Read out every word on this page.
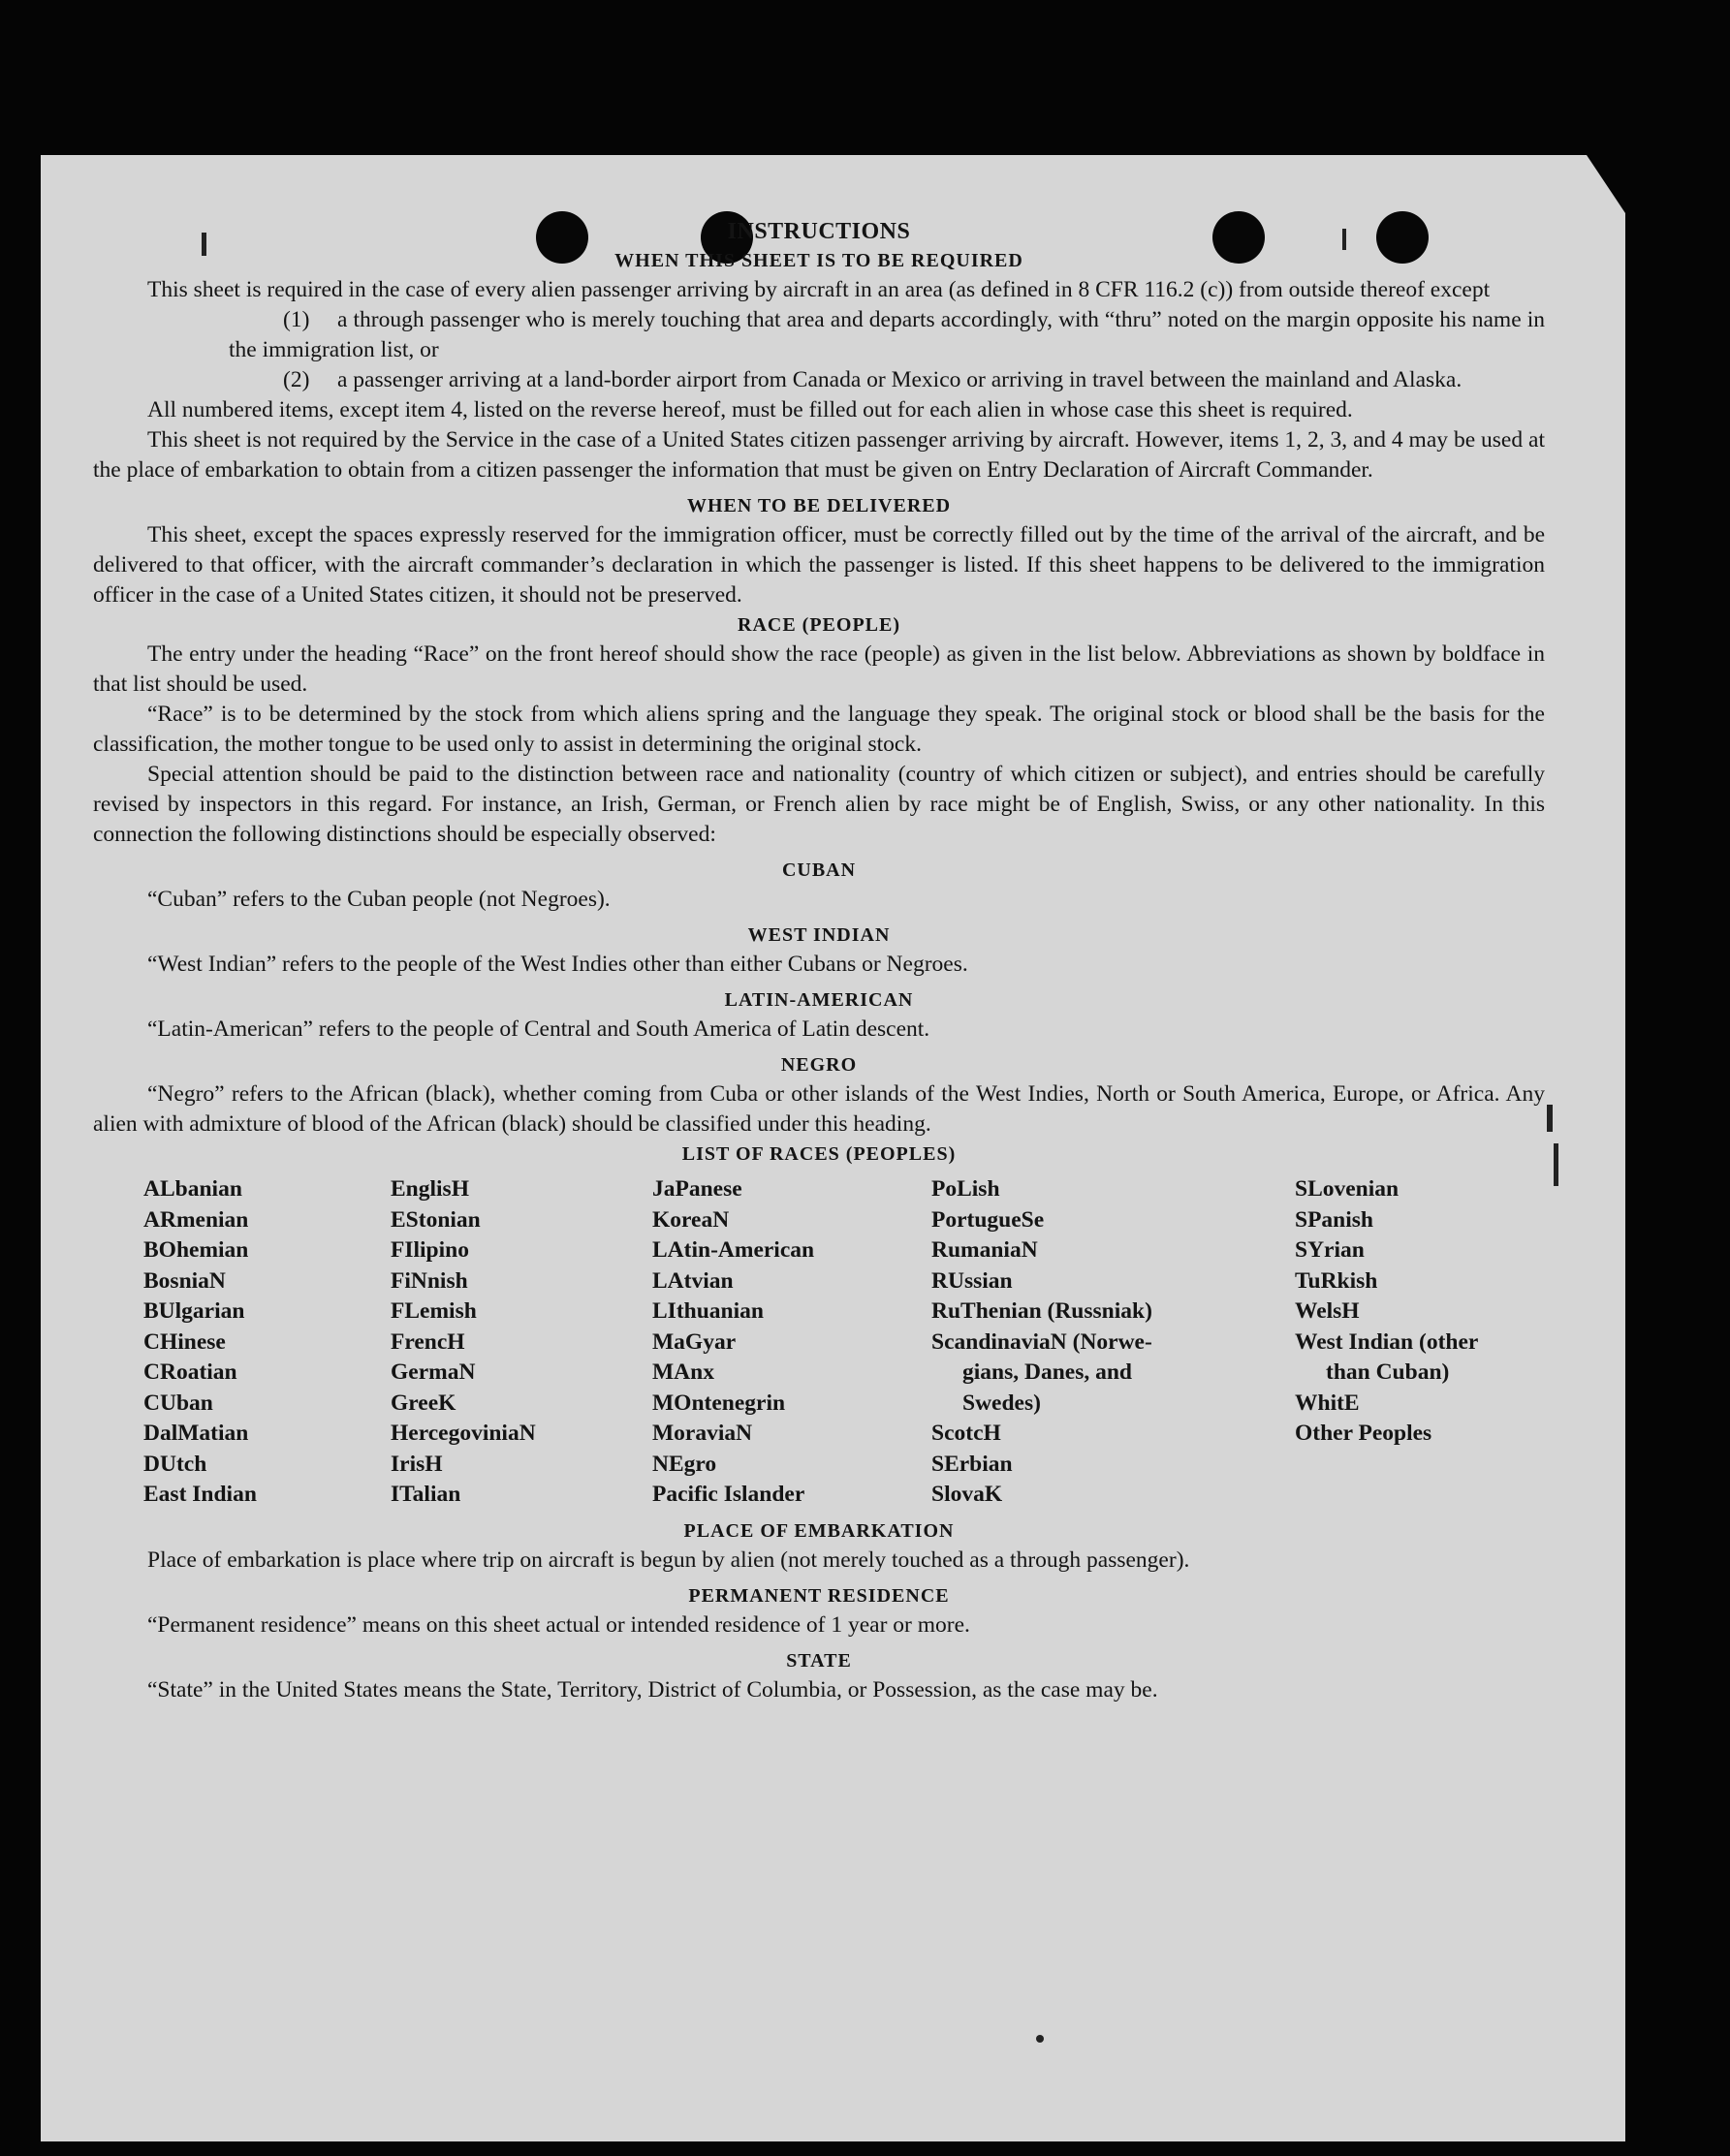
INSTRUCTIONS
WHEN THIS SHEET IS TO BE REQUIRED

This sheet is required in the case of every alien passenger arriving by aircraft in an area (as defined in 8 CFR 116.2 (c)) from outside thereof except

(1) a through passenger who is merely touching that area and departs accordingly, with “thru” noted on the margin opposite his name in the immigration list, or

(2) a passenger arriving at a land-border airport from Canada or Mexico or arriving in travel between the mainland and Alaska.

All numbered items, except item 4, listed on the reverse hereof, must be filled out for each alien in whose case this sheet is required.

This sheet is not required by the Service in the case of a United States citizen passenger arriving by aircraft. However, items 1, 2, 3, and 4 may be used at the place of embarkation to obtain from a citizen passenger the information that must be given on Entry Declaration of Aircraft Commander.

WHEN TO BE DELIVERED

This sheet, except the spaces expressly reserved for the immigration officer, must be correctly filled out by the time of the arrival of the aircraft, and be delivered to that officer, with the aircraft commander’s declaration in which the passenger is listed. If this sheet happens to be delivered to the immigration officer in the case of a United States citizen, it should not be preserved.

RACE (PEOPLE)

The entry under the heading “Race” on the front hereof should show the race (people) as given in the list below. Abbreviations as shown by boldface in that list should be used.

“Race” is to be determined by the stock from which aliens spring and the language they speak. The original stock or blood shall be the basis for the classification, the mother tongue to be used only to assist in determining the original stock.

Special attention should be paid to the distinction between race and nationality (country of which citizen or subject), and entries should be carefully revised by inspectors in this regard. For instance, an Irish, German, or French alien by race might be of English, Swiss, or any other nationality. In this connection the following distinctions should be especially observed:

CUBAN

“Cuban” refers to the Cuban people (not Negroes).

WEST INDIAN

“West Indian” refers to the people of the West Indies other than either Cubans or Negroes.

LATIN-AMERICAN

“Latin-American” refers to the people of Central and South America of Latin descent.

NEGRO

“Negro” refers to the African (black), whether coming from Cuba or other islands of the West Indies, North or South America, Europe, or Africa. Any alien with admixture of blood of the African (black) should be classified under this heading.

LIST OF RACES (PEOPLES)
ALbanian	EnglisH	JaPanese	PoLish	SLovenian
ARmenian	EStonian	KoreaN	PortugueSe	SPanish
BOhemian	FIlipino	LAtin-American	RumaniaN	SYrian
BosniaN	FiNnish	LAtvian	RUssian	TuRkish
BUlgarian	FLemish	LIthuanian	RuThenian (Russniak)	WelsH
CHinese	FrencH	MaGyar	ScandinaviaN (Norwe-	West Indian (other
CRoatian	GermaN	MAnx	gians, Danes, and	than Cuban)
CUban	GreeK	MOntenegrin	Swedes)	WhitE
DalMatian	HercegoviniaN	MoraviaN	ScotcH	Other Peoples
DUtch	IrisH	NEgro	SErbian
East Indian	ITalian	Pacific Islander	SlovaK
PLACE OF EMBARKATION

Place of embarkation is place where trip on aircraft is begun by alien (not merely touched as a through passenger).

PERMANENT RESIDENCE

“Permanent residence” means on this sheet actual or intended residence of 1 year or more.

STATE

“State” in the United States means the State, Territory, District of Columbia, or Possession, as the case may be.
